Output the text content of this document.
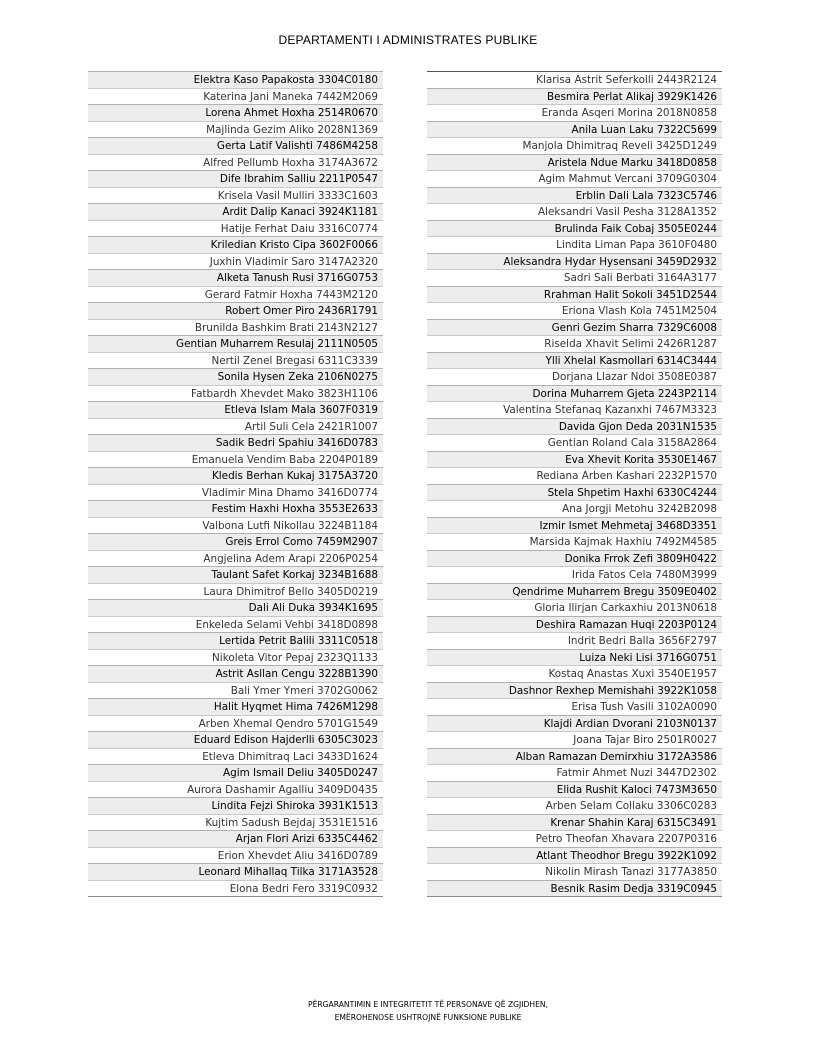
DEPARTAMENTI I ADMINISTRATES PUBLIKE
Elektra Kaso Papakosta 3304C0180
Katerina Jani Maneka 7442M2069
Lorena Ahmet Hoxha 2514R0670
Majlinda Gezim Aliko 2028N1369
Gerta Latif Valishti 7486M4258
Alfred Pellumb Hoxha 3174A3672
Dife Ibrahim Salliu 2211P0547
Krisela Vasil Mulliri 3333C1603
Ardit Dalip Kanaci 3924K1181
Hatije Ferhat Daiu 3316C0774
Kriledian Kristo Cipa 3602F0066
Juxhin Vladimir Saro 3147A2320
Alketa Tanush Rusi 3716G0753
Gerard Fatmir Hoxha 7443M2120
Robert Omer Piro 2436R1791
Brunilda Bashkim Brati 2143N2127
Gentian Muharrem Resulaj 2111N0505
Nertil Zenel Bregasi 6311C3339
Sonila Hysen Zeka 2106N0275
Fatbardh Xhevdet Mako 3823H1106
Etleva Islam Mala 3607F0319
Artil Suli Cela 2421R1007
Sadik Bedri Spahiu 3416D0783
Emanuela Vendim Baba 2204P0189
Kledis Berhan Kukaj 3175A3720
Vladimir Mina Dhamo 3416D0774
Festim Haxhi Hoxha 3553E2633
Valbona Lutfi Nikollau 3224B1184
Greis Errol Como 7459M2907
Angjelina Adem Arapi 2206P0254
Taulant Safet Korkaj 3234B1688
Laura Dhimitrof Bello 3405D0219
Dali Ali Duka 3934K1695
Enkeleda Selami Vehbi 3418D0898
Lertida Petrit Balili 3311C0518
Nikoleta Vitor Pepaj 2323Q1133
Astrit Asllan Cengu 3228B1390
Bali Ymer Ymeri 3702G0062
Halit Hyqmet Hima 7426M1298
Arben Xhemal Qendro 5701G1549
Eduard Edison Hajderlli 6305C3023
Etleva Dhimitraq Laci 3433D1624
Agim Ismail Deliu 3405D0247
Aurora Dashamir Agalliu 3409D0435
Lindita Fejzi Shiroka 3931K1513
Kujtim Sadush Bejdaj 3531E1516
Arjan Flori Arizi 6335C4462
Erion Xhevdet Aliu 3416D0789
Leonard Mihallaq Tilka 3171A3528
Elona Bedri Fero 3319C0932
Klarisa Astrit Seferkolli 2443R2124
Besmira Perlat Alikaj 3929K1426
Eranda Asqeri Morina 2018N0858
Anila Luan Laku 7322C5699
Manjola Dhimitraq Reveli 3425D1249
Aristela Ndue Marku 3418D0858
Agim Mahmut Vercani 3709G0304
Erblin Dali Lala 7323C5746
Aleksandri Vasil Pesha 3128A1352
Brulinda Faik Cobaj 3505E0244
Lindita Liman Papa 3610F0480
Aleksandra Hydar Hysensani 3459D2932
Sadri Sali Berbati 3164A3177
Rrahman Halit Sokoli 3451D2544
Eriona Vlash Kola 7451M2504
Genri Gezim Sharra 7329C6008
Riselda Xhavit Selimi 2426R1287
Ylli Xhelal Kasmollari 6314C3444
Dorjana Llazar Ndoi 3508E0387
Dorina Muharrem Gjeta 2243P2114
Valentina Stefanaq Kazanxhi 7467M3323
Davida Gjon Deda 2031N1535
Gentian Roland Cala 3158A2864
Eva Xhevit Korita 3530E1467
Rediana Arben Kashari 2232P1570
Stela Shpetim Haxhi 6330C4244
Ana Jorgji Metohu 3242B2098
Izmir Ismet Mehmetaj 3468D3351
Marsida Kajmak Haxhiu 7492M4585
Donika Frrok Zefi 3809H0422
Irida Fatos Cela 7480M3999
Qendrime Muharrem Bregu 3509E0402
Gloria Ilirjan Carkaxhiu 2013N0618
Deshira Ramazan Huqi 2203P0124
Indrit Bedri Balla 3656F2797
Luiza Neki Lisi 3716G0751
Kostaq Anastas Xuxi 3540E1957
Dashnor Rexhep Memishahi 3922K1058
Erisa Tush Vasili 3102A0090
Klajdi Ardian Dvorani 2103N0137
Joana Tajar Biro 2501R0027
Alban Ramazan Demirxhiu 3172A3586
Fatmir Ahmet Nuzi 3447D2302
Elida Rushit Kaloci 7473M3650
Arben Selam Collaku 3306C0283
Krenar Shahin Karaj 6315C3491
Petro Theofan Xhavara 2207P0316
Atlant Theodhor Bregu 3922K1092
Nikolin Mirash Tanazi 3177A3850
Besnik Rasim Dedja 3319C0945
PËRGARANTIMIN E INTEGRITETIT TË PERSONAVE QË ZGJIDHEN,
EMËROHENOSE USHTROJNË FUNKSIONE PUBLIKE
